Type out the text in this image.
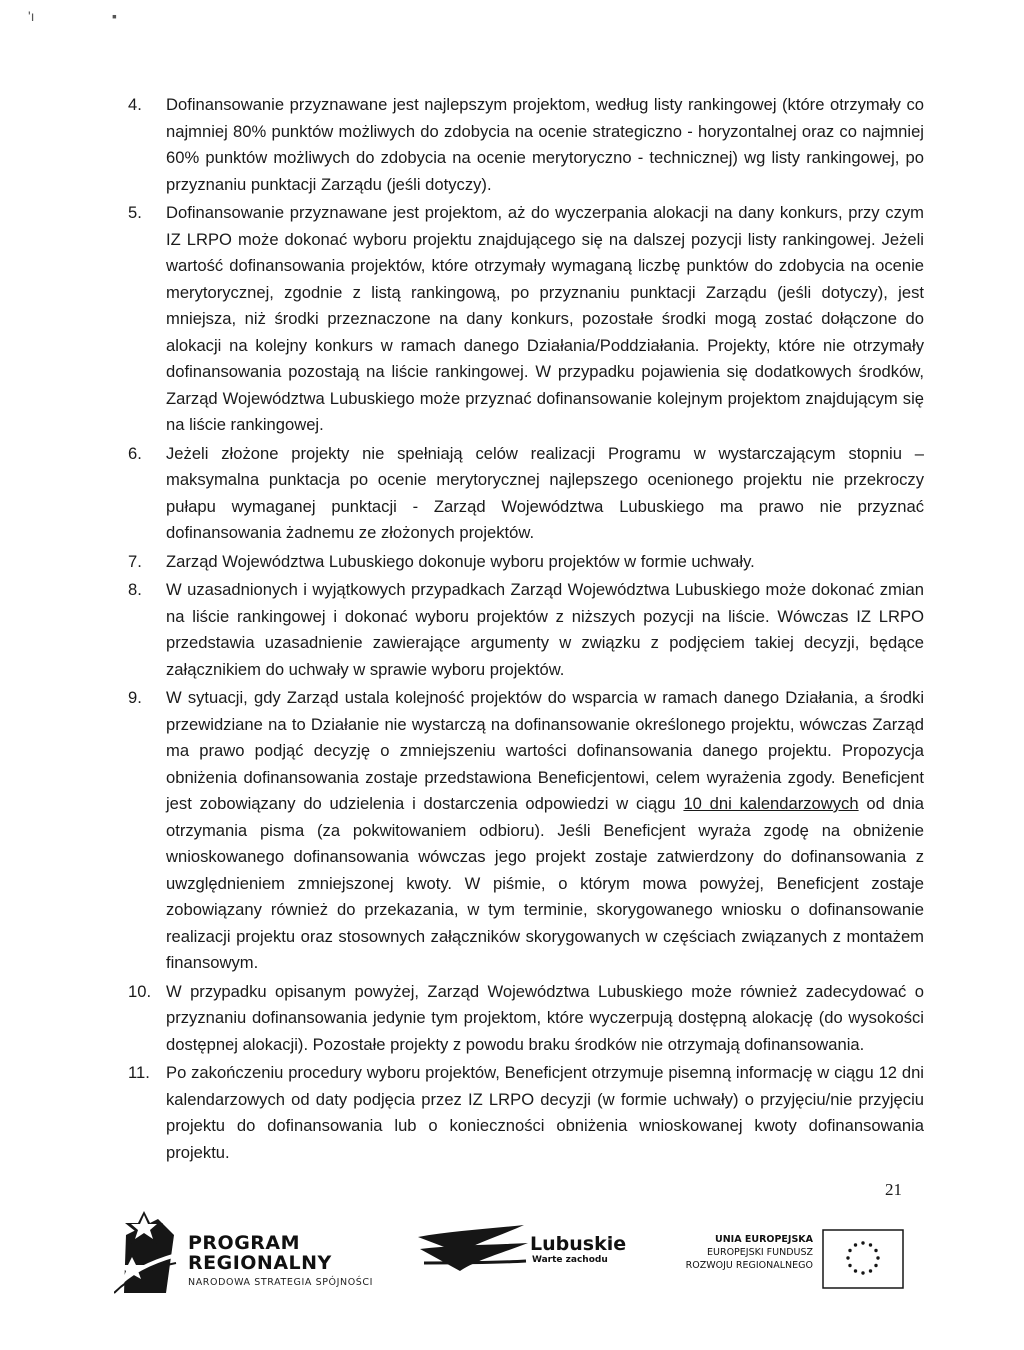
'ı	▪
4.	Dofinansowanie przyznawane jest najlepszym projektom, według listy rankingowej (które otrzymały co najmniej 80% punktów możliwych do zdobycia na ocenie strategiczno - horyzontalnej oraz co najmniej 60% punktów możliwych do zdobycia na ocenie merytoryczno - technicznej) wg listy rankingowej, po przyznaniu punktacji Zarządu (jeśli dotyczy).
5.	Dofinansowanie przyznawane jest projektom, aż do wyczerpania alokacji na dany konkurs, przy czym IZ LRPO może dokonać wyboru projektu znajdującego się na dalszej pozycji listy rankingowej. Jeżeli wartość dofinansowania projektów, które otrzymały wymaganą liczbę punktów do zdobycia na ocenie merytorycznej, zgodnie z listą rankingową, po przyznaniu punktacji Zarządu (jeśli dotyczy), jest mniejsza, niż środki przeznaczone na dany konkurs, pozostałe środki mogą zostać dołączone do alokacji na kolejny konkurs w ramach danego Działania/Poddziałania. Projekty, które nie otrzymały dofinansowania pozostają na liście rankingowej. W przypadku pojawienia się dodatkowych środków, Zarząd Województwa Lubuskiego może przyznać dofinansowanie kolejnym projektom znajdującym się na liście rankingowej.
6.	Jeżeli złożone projekty nie spełniają celów realizacji Programu w wystarczającym stopniu – maksymalna punktacja po ocenie merytorycznej najlepszego ocenionego projektu nie przekroczy pułapu wymaganej punktacji - Zarząd Województwa Lubuskiego ma prawo nie przyznać dofinansowania żadnemu ze złożonych projektów.
7.	Zarząd Województwa Lubuskiego dokonuje wyboru projektów w formie uchwały.
8.	W uzasadnionych i wyjątkowych przypadkach Zarząd Województwa Lubuskiego może dokonać zmian na liście rankingowej i dokonać wyboru projektów z niższych pozycji na liście. Wówczas IZ LRPO przedstawia uzasadnienie zawierające argumenty w związku z podjęciem takiej decyzji, będące załącznikiem do uchwały w sprawie wyboru projektów.
9.	W sytuacji, gdy Zarząd ustala kolejność projektów do wsparcia w ramach danego Działania, a środki przewidziane na to Działanie nie wystarczą na dofinansowanie określonego projektu, wówczas Zarząd ma prawo podjąć decyzję o zmniejszeniu wartości dofinansowania danego projektu. Propozycja obniżenia dofinansowania zostaje przedstawiona Beneficjentowi, celem wyrażenia zgody. Beneficjent jest zobowiązany do udzielenia i dostarczenia odpowiedzi w ciągu 10 dni kalendarzowych od dnia otrzymania pisma (za pokwitowaniem odbioru). Jeśli Beneficjent wyraża zgodę na obniżenie wnioskowanego dofinansowania wówczas jego projekt zostaje zatwierdzony do dofinansowania z uwzględnieniem zmniejszonej kwoty. W piśmie, o którym mowa powyżej, Beneficjent zostaje zobowiązany również do przekazania, w tym terminie, skorygowanego wniosku o dofinansowanie realizacji projektu oraz stosownych załączników skorygowanych w częściach związanych z montażem finansowym.
10. W przypadku opisanym powyżej, Zarząd Województwa Lubuskiego może również zadecydować o przyznaniu dofinansowania jedynie tym projektom, które wyczerpują dostępną alokację (do wysokości dostępnej alokacji). Pozostałe projekty z powodu braku środków nie otrzymają dofinansowania.
11. Po zakończeniu procedury wyboru projektów, Beneficjent otrzymuje pisemną informację w ciągu 12 dni kalendarzowych od daty podjęcia przez IZ LRPO decyzji (w formie uchwały) o przyjęciu/nie przyjęciu projektu do dofinansowania lub o konieczności obniżenia wnioskowanej kwoty dofinansowania projektu.
21
PROGRAM
REGIONALNY
NARODOWA STRATEGIA SPÓJNOŚCI
Lubuskie
Warte zachodu
UNIA EUROPEJSKA
EUROPEJSKI FUNDUSZ
ROZWOJU REGIONALNEGO
